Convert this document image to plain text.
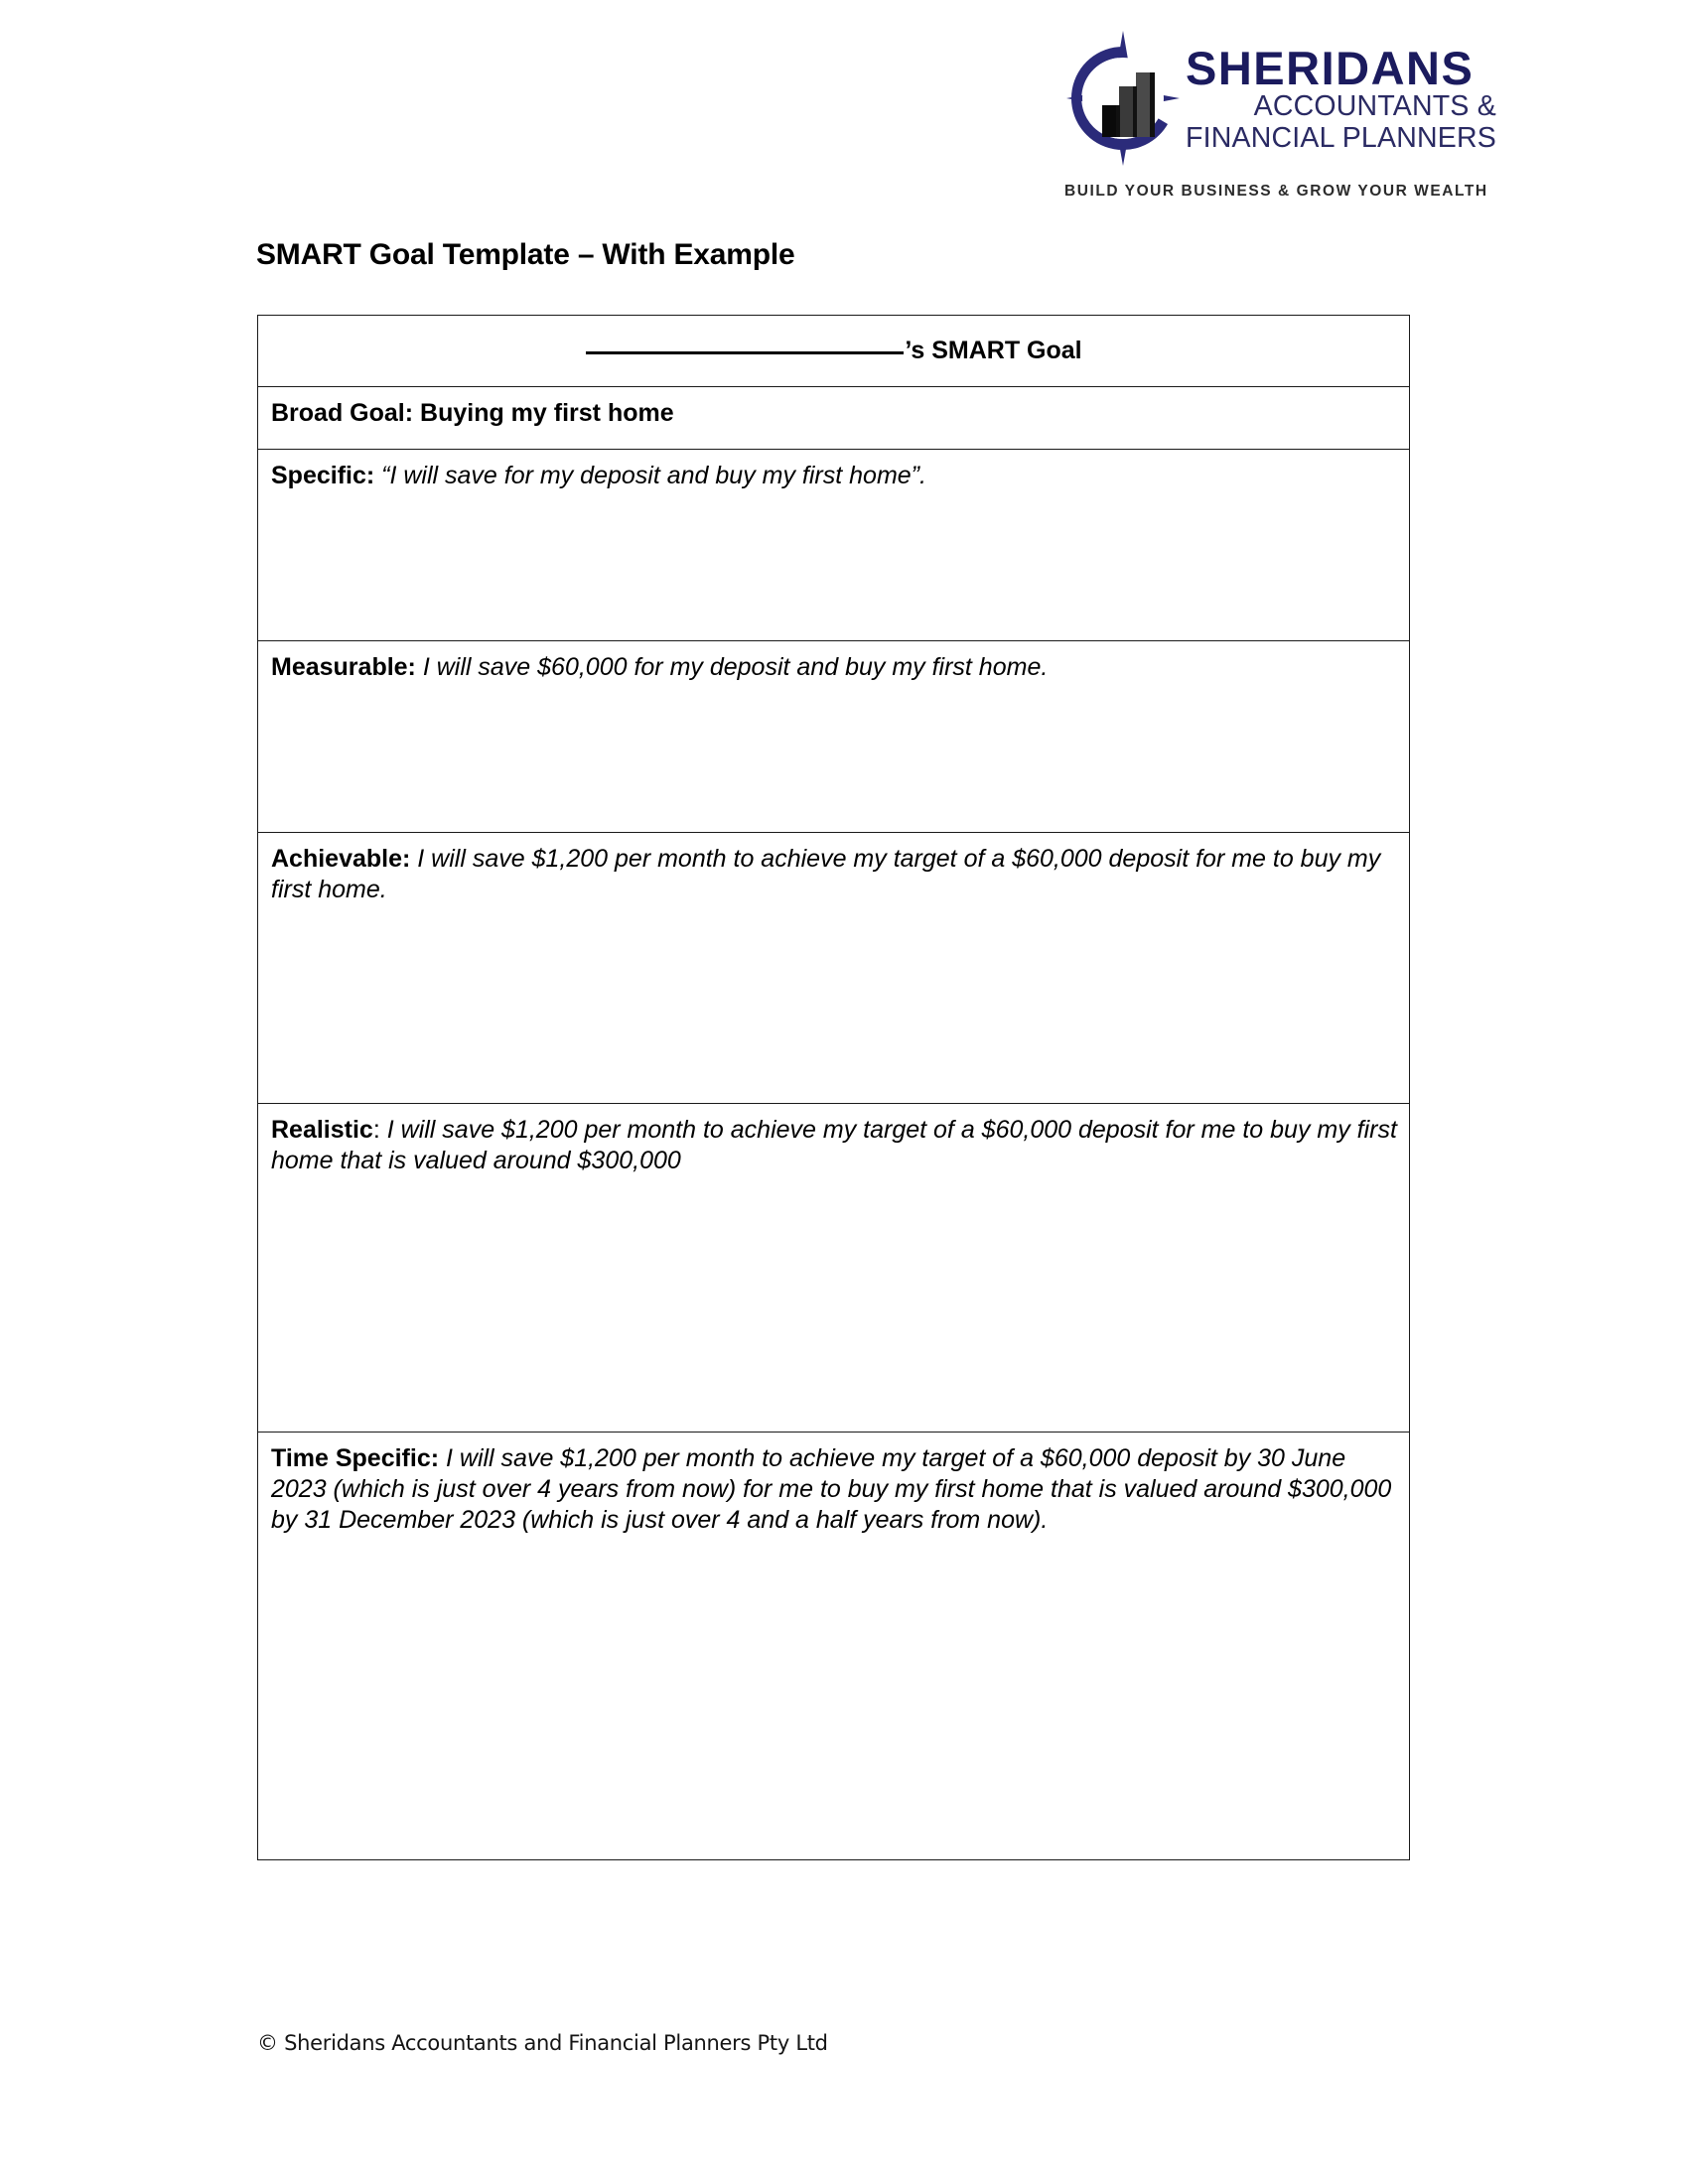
SHERIDANS
ACCOUNTANTS &
FINANCIAL PLANNERS
BUILD YOUR BUSINESS & GROW YOUR WEALTH
SMART Goal Template – With Example
’s SMART Goal

Broad Goal: Buying my first home

Specific: “I will save for my deposit and buy my first home”.

Measurable: I will save $60,000 for my deposit and buy my first home.

Achievable: I will save $1,200 per month to achieve my target of a $60,000 deposit for me to buy my first home.

Realistic: I will save $1,200 per month to achieve my target of a $60,000 deposit for me to buy my first home that is valued around $300,000

Time Specific: I will save $1,200 per month to achieve my target of a $60,000 deposit by 30 June 2023 (which is just over 4 years from now) for me to buy my first home that is valued around $300,000 by 31 December 2023 (which is just over 4 and a half years from now).
© Sheridans Accountants and Financial Planners Pty Ltd
